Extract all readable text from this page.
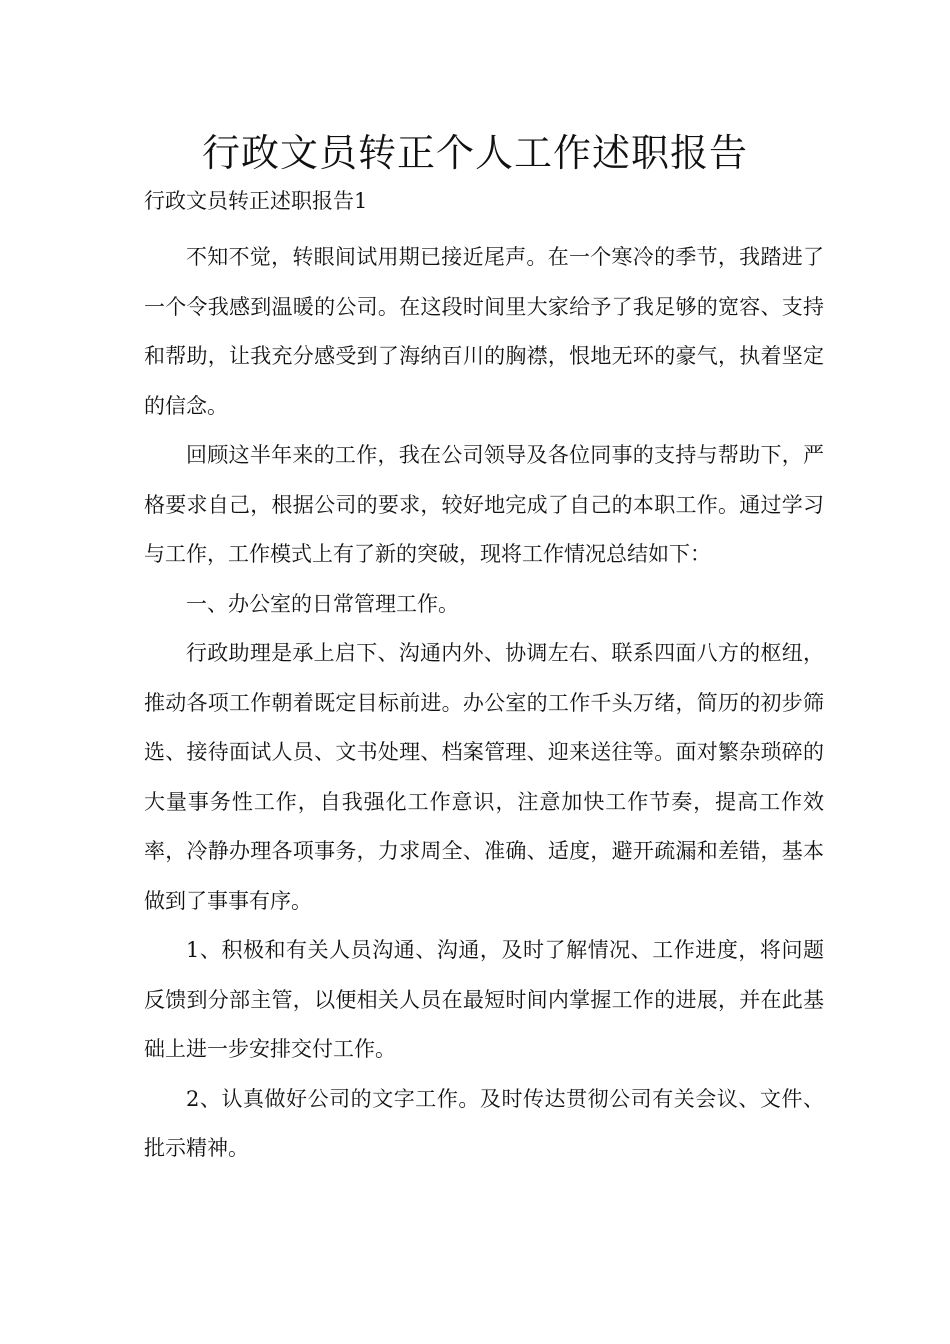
行政文员转正个人工作述职报告
行政文员转正述职报告1

不知不觉，转眼间试用期已接近尾声。在一个寒冷的季节，我踏进了一个令我感到温暖的公司。在这段时间里大家给予了我足够的宽容、支持和帮助，让我充分感受到了海纳百川的胸襟，恨地无环的豪气，执着坚定的信念。

回顾这半年来的工作，我在公司领导及各位同事的支持与帮助下，严格要求自己，根据公司的要求，较好地完成了自己的本职工作。通过学习与工作，工作模式上有了新的突破，现将工作情况总结如下：

一、办公室的日常管理工作。

行政助理是承上启下、沟通内外、协调左右、联系四面八方的枢纽，推动各项工作朝着既定目标前进。办公室的工作千头万绪，简历的初步筛选、接待面试人员、文书处理、档案管理、迎来送往等。面对繁杂琐碎的大量事务性工作，自我强化工作意识，注意加快工作节奏，提高工作效率，冷静办理各项事务，力求周全、准确、适度，避开疏漏和差错，基本做到了事事有序。

1、积极和有关人员沟通、沟通，及时了解情况、工作进度，将问题反馈到分部主管，以便相关人员在最短时间内掌握工作的进展，并在此基础上进一步安排交付工作。

2、认真做好公司的文字工作。及时传达贯彻公司有关会议、文件、批示精神。
